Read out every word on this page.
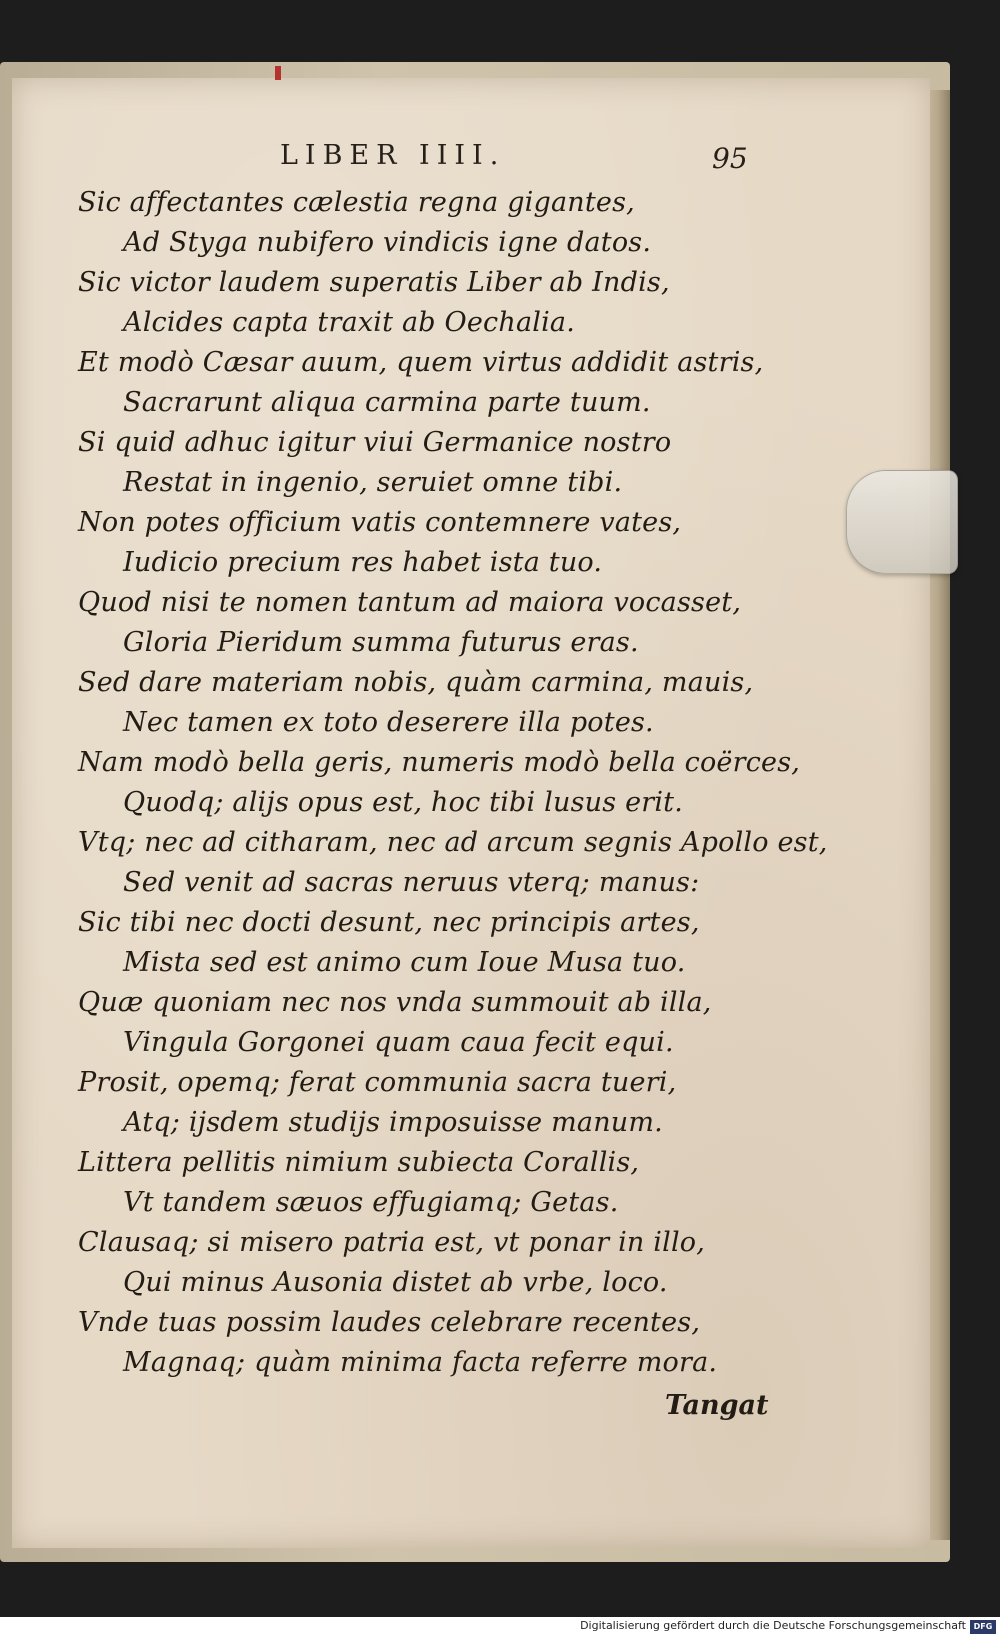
LIBER IIII.	95
Sic affectantes cælestia regna gigantes,
Ad Styga nubifero vindicis igne datos.
Sic victor laudem superatis Liber ab Indis,
Alcides capta traxit ab Oechalia.
Et modò Cæsar auum, quem virtus addidit astris,
Sacrarunt aliqua carmina parte tuum.
Si quid adhuc igitur viui Germanice nostro
Restat in ingenio, seruiet omne tibi.
Non potes officium vatis contemnere vates,
Iudicio precium res habet ista tuo.
Quod nisi te nomen tantum ad maiora vocasset,
Gloria Pieridum summa futurus eras.
Sed dare materiam nobis, quàm carmina, mauis,
Nec tamen ex toto deserere illa potes.
Nam modò bella geris, numeris modò bella coërces,
Quodq; alijs opus est, hoc tibi lusus erit.
Vtq; nec ad citharam, nec ad arcum segnis Apollo est,
Sed venit ad sacras neruus vterq; manus:
Sic tibi nec docti desunt, nec principis artes,
Mista sed est animo cum Ioue Musa tuo.
Quæ quoniam nec nos vnda summouit ab illa,
Vingula Gorgonei quam caua fecit equi.
Prosit, opemq; ferat communia sacra tueri,
Atq; ijsdem studijs imposuisse manum.
Littera pellitis nimium subiecta Corallis,
Vt tandem sæuos effugiamq; Getas.
Clausaq; si misero patria est, vt ponar in illo,
Qui minus Ausonia distet ab vrbe, loco.
Vnde tuas possim laudes celebrare recentes,
Magnaq; quàm minima facta referre mora.
Tangat
Digitalisierung gefördert durch die Deutsche Forschungsgemeinschaft DFG
